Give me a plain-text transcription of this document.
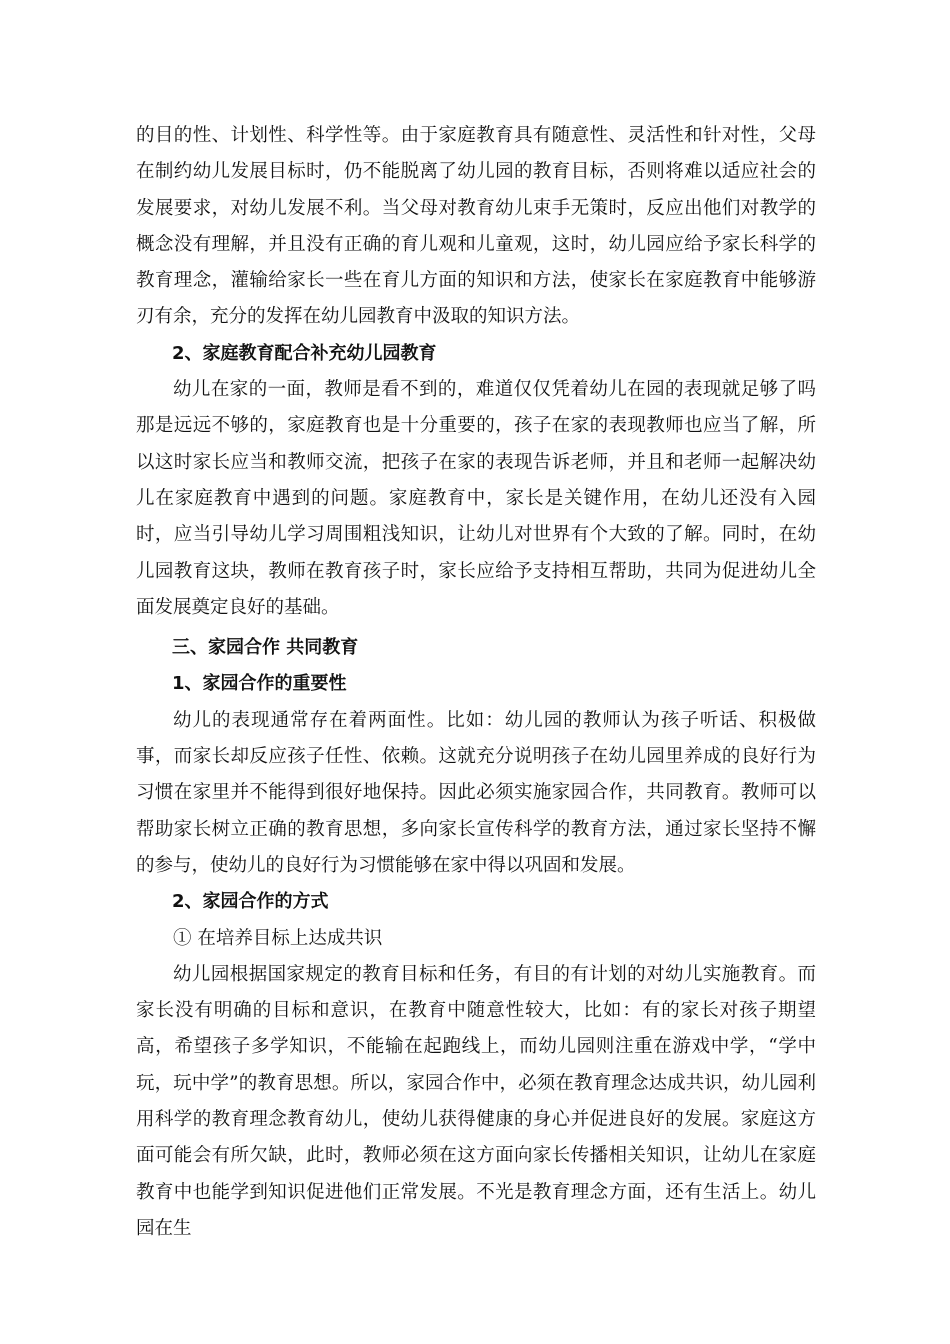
的目的性、计划性、科学性等。由于家庭教育具有随意性、灵活性和针对性，父母在制约幼儿发展目标时，仍不能脱离了幼儿园的教育目标，否则将难以适应社会的发展要求，对幼儿发展不利。当父母对教育幼儿束手无策时，反应出他们对教学的概念没有理解，并且没有正确的育儿观和儿童观，这时，幼儿园应给予家长科学的教育理念，灌输给家长一些在育儿方面的知识和方法，使家长在家庭教育中能够游刃有余，充分的发挥在幼儿园教育中汲取的知识方法。

2、家庭教育配合补充幼儿园教育

幼儿在家的一面，教师是看不到的，难道仅仅凭着幼儿在园的表现就足够了吗那是远远不够的，家庭教育也是十分重要的，孩子在家的表现教师也应当了解，所以这时家长应当和教师交流，把孩子在家的表现告诉老师，并且和老师一起解决幼儿在家庭教育中遇到的问题。家庭教育中，家长是关键作用，在幼儿还没有入园时，应当引导幼儿学习周围粗浅知识，让幼儿对世界有个大致的了解。同时，在幼儿园教育这块，教师在教育孩子时，家长应给予支持相互帮助，共同为促进幼儿全面发展奠定良好的基础。

三、家园合作 共同教育

1、家园合作的重要性

幼儿的表现通常存在着两面性。比如：幼儿园的教师认为孩子听话、积极做事，而家长却反应孩子任性、依赖。这就充分说明孩子在幼儿园里养成的良好行为习惯在家里并不能得到很好地保持。因此必须实施家园合作，共同教育。教师可以帮助家长树立正确的教育思想，多向家长宣传科学的教育方法，通过家长坚持不懈的参与，使幼儿的良好行为习惯能够在家中得以巩固和发展。

2、家园合作的方式

① 在培养目标上达成共识

幼儿园根据国家规定的教育目标和任务，有目的有计划的对幼儿实施教育。而家长没有明确的目标和意识，在教育中随意性较大，比如：有的家长对孩子期望高，希望孩子多学知识，不能输在起跑线上，而幼儿园则注重在游戏中学，“学中玩，玩中学”的教育思想。所以，家园合作中，必须在教育理念达成共识，幼儿园利用科学的教育理念教育幼儿，使幼儿获得健康的身心并促进良好的发展。家庭这方面可能会有所欠缺，此时，教师必须在这方面向家长传播相关知识，让幼儿在家庭教育中也能学到知识促进他们正常发展。不光是教育理念方面，还有生活上。幼儿园在生
